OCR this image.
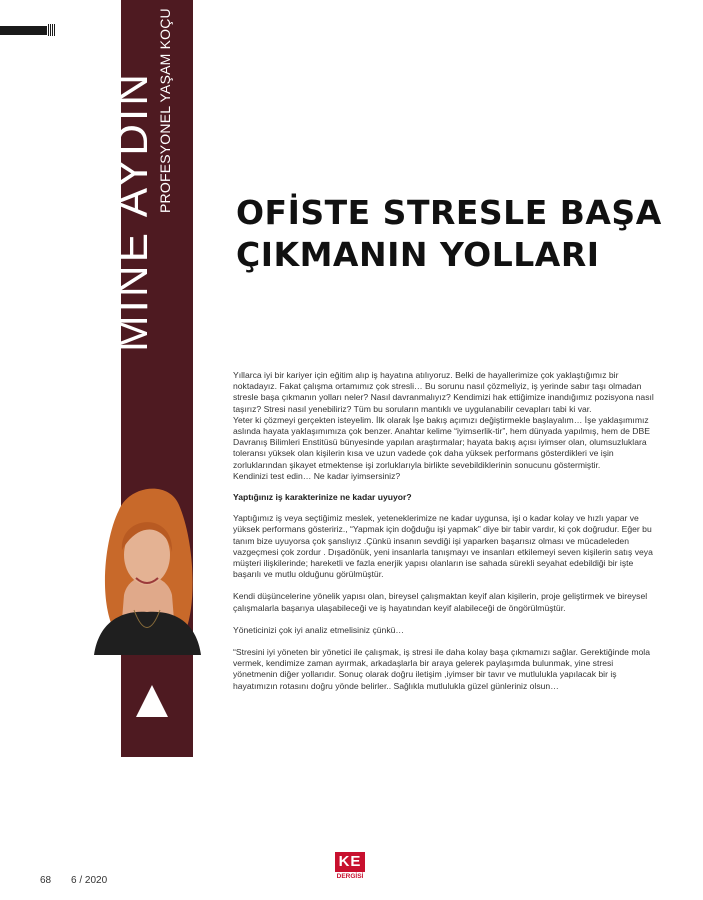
MİNE AYDIN PROFESYONEL YAŞAM KOÇU OFİSTE STRESLE BAŞA
ÇIKMANIN YOLLARI

Yıllarca iyi bir kariyer için eğitim alıp iş hayatına atılıyoruz. Belki de hayallerimize çok yaklaştığımız bir noktadayız. Fakat çalışma ortamımız çok stresli… Bu sorunu nasıl çözmeliyiz, iş yerinde sabır taşı olmadan stresle başa çıkmanın yolları neler? Nasıl davranmalıyız? Kendimizi hak ettiğimize inandığımız pozisyona nasıl taşırız? Stresi nasıl yenebiliriz? Tüm bu soruların mantıklı ve uygulanabilir cevapları tabi ki var.

Yeter ki çözmeyi gerçekten isteyelim. İlk olarak İşe bakış açımızı değiştirmekle başlayalım… İşe yaklaşımımız aslında hayata yaklaşımımıza çok benzer. Anahtar kelime “iyimserlik-tir”, hem dünyada yapılmış, hem de DBE Davranış Bilimleri Enstitüsü bünyesinde yapılan araştırmalar; hayata bakış açısı iyimser olan, olumsuzluklara toleransı yüksek olan kişilerin kısa ve uzun vadede çok daha yüksek performans gösterdikleri ve işin zorluklarından şikayet etmektense işi zorluklarıyla birlikte sevebildiklerinin sonucunu göstermiştir.

Kendinizi test edin… Ne kadar iyimsersiniz?

Yaptığınız iş karakterinize ne kadar uyuyor?

Yaptığımız iş veya seçtiğimiz meslek, yeteneklerimize ne kadar uygunsa, işi o kadar kolay ve hızlı yapar ve yüksek performans gösteririz., “Yapmak için doğduğu işi yapmak” diye bir tabir vardır, ki çok doğrudur. Eğer bu tanım bize uyuyorsa çok şanslıyız .Çünkü insanın sevdiği işi yaparken başarısız olması ve mücadeleden vazgeçmesi çok zordur . Dışadönük, yeni insanlarla tanışmayı ve insanları etkilemeyi seven kişilerin satış veya müşteri ilişkilerinde; hareketli ve fazla enerjik yapısı olanların ise sahada sürekli seyahat edebildiği bir işte başarılı ve mutlu olduğunu görülmüştür.

Kendi düşüncelerine yönelik yapısı olan, bireysel çalışmaktan keyif alan kişilerin, proje geliştirmek ve bireysel çalışmalarla başarıya ulaşabileceği ve iş hayatından keyif alabileceği de öngörülmüştür.

Yöneticinizi çok iyi analiz etmelisiniz çünkü…

“Stresini iyi yöneten bir yönetici ile çalışmak, iş stresi ile daha kolay başa çıkmamızı sağlar. Gerektiğinde mola vermek, kendimize zaman ayırmak, arkadaşlarla bir araya gelerek paylaşımda bulunmak, yine stresi yönetmenin diğer yollarıdır. Sonuç olarak doğru iletişim ,iyimser bir tavır ve mutlulukla yapılacak bir iş hayatımızın rotasını doğru yönde belirler.. Sağlıkla mutlulukla güzel günleriniz olsun…

68 6 / 2020
KE
DERGİSİ
